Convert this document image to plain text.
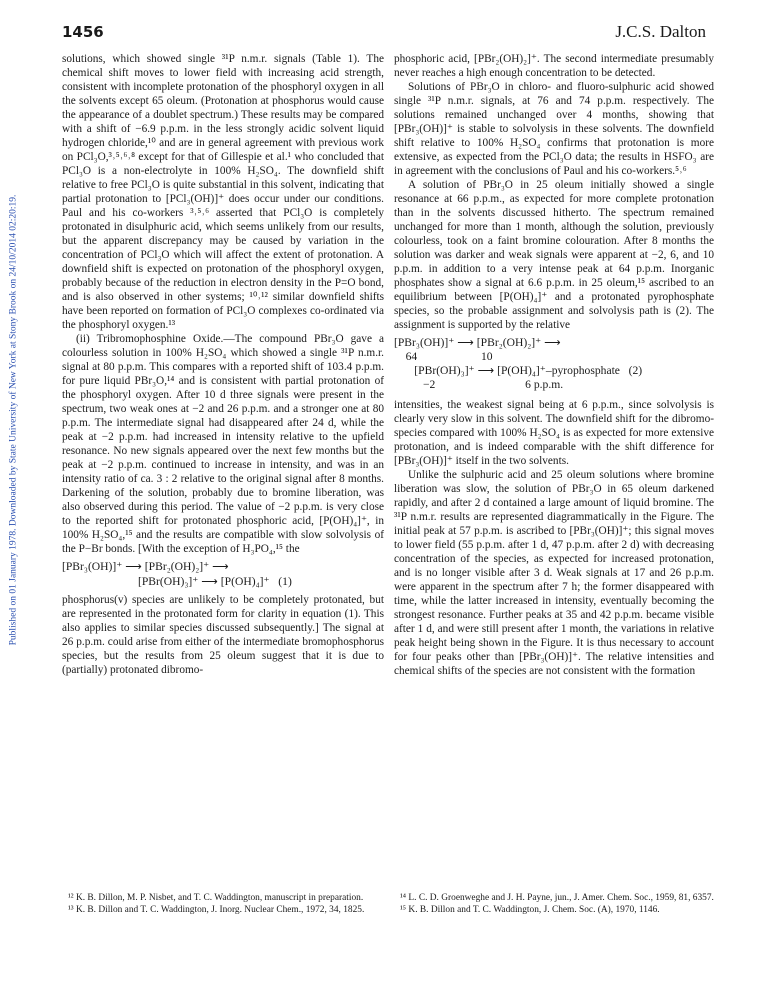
Published on 01 January 1978. Downloaded by State University of New York at Stony Brook on 24/10/2014 02:20:19.
1456	J.C.S. Dalton

solutions, which showed single ³¹P n.m.r. signals (Table 1). The chemical shift moves to lower field with increasing acid strength, consistent with incomplete protonation of the phosphoryl oxygen in all the solvents except 65 oleum. (Protonation at phosphorus would cause the appearance of a doublet spectrum.) These results may be compared with a shift of −6.9 p.p.m. in the less strongly acidic solvent liquid hydrogen chloride,¹⁰ and are in general agreement with previous work on PCl₃O,³˒⁵˒⁶˒⁸ except for that of Gillespie et al.¹ who concluded that PCl₃O is a non-electrolyte in 100% H₂SO₄. The downfield shift relative to free PCl₃O is quite substantial in this solvent, indicating that partial protonation to [PCl₃(OH)]⁺ does occur under our conditions. Paul and his co-workers ³˒⁵˒⁶ asserted that PCl₃O is completely protonated in disulphuric acid, which seems unlikely from our results, but the apparent discrepancy may be caused by variation in the concentration of PCl₃O which will affect the extent of protonation. A downfield shift is expected on protonation of the phosphoryl oxygen, probably because of the reduction in electron density in the P=O bond, and is also observed in other systems; ¹⁰˒¹² similar downfield shifts have been reported on formation of PCl₃O complexes co-ordinated via the phosphoryl oxygen.¹³

(ii) Tribromophosphine Oxide.—The compound PBr₃O gave a colourless solution in 100% H₂SO₄ which showed a single ³¹P n.m.r. signal at 80 p.p.m. This compares with a reported shift of 103.4 p.p.m. for pure liquid PBr₃O,¹⁴ and is consistent with partial protonation of the phosphoryl oxygen. After 10 d three signals were present in the spectrum, two weak ones at −2 and 26 p.p.m. and a stronger one at 80 p.p.m. The intermediate signal had disappeared after 24 d, while the peak at −2 p.p.m. had increased in intensity relative to the upfield resonance. No new signals appeared over the next few months but the peak at −2 p.p.m. continued to increase in intensity, and was in an intensity ratio of ca. 3 : 2 relative to the original signal after 8 months. Darkening of the solution, probably due to bromine liberation, was also observed during this period. The value of −2 p.p.m. is very close to the reported shift for protonated phosphoric acid, [P(OH)₄]⁺, in 100% H₂SO₄,¹⁵ and the results are compatible with slow solvolysis of the P−Br bonds. [With the exception of H₃PO₄,¹⁵ the

[PBr₃(OH)]⁺ ⟶ [PBr₂(OH)₂]⁺ ⟶
[PBr(OH)₃]⁺ ⟶ [P(OH)₄]⁺   (1)

phosphorus(v) species are unlikely to be completely protonated, but are represented in the protonated form for clarity in equation (1). This also applies to similar species discussed subsequently.] The signal at 26 p.p.m. could arise from either of the intermediate bromophosphorus species, but the results from 25 oleum suggest that it is due to (partially) protonated dibromo-

phosphoric acid, [PBr₂(OH)₂]⁺. The second intermediate presumably never reaches a high enough concentration to be detected.

Solutions of PBr₃O in chloro- and fluoro-sulphuric acid showed single ³¹P n.m.r. signals, at 76 and 74 p.p.m. respectively. The solutions remained unchanged over 4 months, showing that [PBr₃(OH)]⁺ is stable to solvolysis in these solvents. The downfield shift relative to 100% H₂SO₄ confirms that protonation is more extensive, as expected from the PCl₃O data; the results in HSFO₃ are in agreement with the conclusions of Paul and his co-workers.⁵˒⁶

A solution of PBr₃O in 25 oleum initially showed a single resonance at 66 p.p.m., as expected for more complete protonation than in the solvents discussed hitherto. The spectrum remained unchanged for more than 1 month, although the solution, previously colourless, took on a faint bromine colouration. After 8 months the solution was darker and weak signals were apparent at −2, 6, and 10 p.p.m. in addition to a very intense peak at 64 p.p.m. Inorganic phosphates show a signal at 6.6 p.p.m. in 25 oleum,¹⁵ ascribed to an equilibrium between [P(OH)₄]⁺ and a protonated pyrophosphate species, so the probable assignment and solvolysis path is (2). The assignment is supported by the relative

[PBr₃(OH)]⁺ ⟶ [PBr₂(OH)₂]⁺ ⟶
64                      10
[PBr(OH)₃]⁺ ⟶ [P(OH)₄]⁺–pyrophosphate   (2)
−2                               6 p.p.m.

intensities, the weakest signal being at 6 p.p.m., since solvolysis is clearly very slow in this solvent. The downfield shift for the dibromo-species compared with 100% H₂SO₄ is as expected for more extensive protonation, and is indeed comparable with the shift difference for [PBr₃(OH)]⁺ itself in the two solvents.

Unlike the sulphuric acid and 25 oleum solutions where bromine liberation was slow, the solution of PBr₃O in 65 oleum darkened rapidly, and after 2 d contained a large amount of liquid bromine. The ³¹P n.m.r. results are represented diagrammatically in the Figure. The initial peak at 57 p.p.m. is ascribed to [PBr₃(OH)]⁺; this signal moves to lower field (55 p.p.m. after 1 d, 47 p.p.m. after 2 d) with decreasing concentration of the species, as expected for increased protonation, and is no longer visible after 3 d. Weak signals at 17 and 26 p.p.m. were apparent in the spectrum after 7 h; the former disappeared with time, while the latter increased in intensity, eventually becoming the strongest resonance. Further peaks at 35 and 42 p.p.m. became visible after 1 d, and were still present after 1 month, the variations in relative peak height being shown in the Figure. It is thus necessary to account for four peaks other than [PBr₃(OH)]⁺. The relative intensities and chemical shifts of the species are not consistent with the formation

¹² K. B. Dillon, M. P. Nisbet, and T. C. Waddington, manuscript in preparation.
¹³ K. B. Dillon and T. C. Waddington, J. Inorg. Nuclear Chem., 1972, 34, 1825.
¹⁴ L. C. D. Groenweghe and J. H. Payne, jun., J. Amer. Chem. Soc., 1959, 81, 6357.
¹⁵ K. B. Dillon and T. C. Waddington, J. Chem. Soc. (A), 1970, 1146.
